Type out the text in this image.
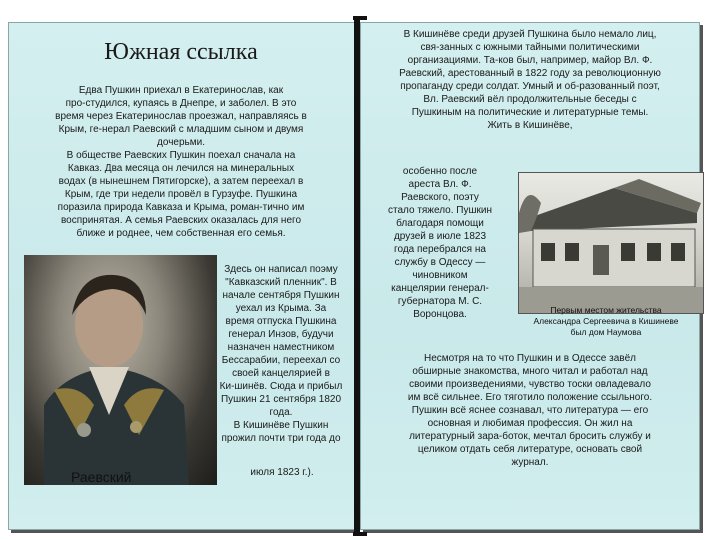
Южная ссылка

Едва Пушкин приехал в Екатеринослав, как

про-студился, купаясь в Днепре, и заболел. В это

время через Екатеринослав проезжал, направляясь в

Крым, ге-нерал Раевский с младшим сыном и двумя

дочерьми.

В обществе Раевских Пушкин поехал сначала на

Кавказ. Два месяца он лечился на минеральных

водах (в нынешнем Пятигорске), а затем переехал в

Крым, где три недели провёл в Гурзуфе. Пушкина

поразила природа Кавказа и Крыма, роман-тично им

воспринятая. А семья Раевских оказалась для него

ближе и роднее, чем собственная его семья.

Раевский

Здесь он написал поэму

"Кавказский пленник". В

начале сентября Пушкин

уехал из Крыма. За

время отпуска Пушкина

генерал Инзов, будучи

назначен наместником

Бессарабии, переехал со

своей канцелярией в

Ки-шинёв. Сюда и прибыл

Пушкин 21 сентября 1820

года.

В Кишинёве Пушкин

прожил почти три года до

июля 1823 г.).

В Кишинёве среди друзей Пушкина было немало лиц,

свя-занных с южными тайными политическими

организациями. Та-ков был, например, майор Вл. Ф.

Раевский, арестованный в 1822 году за революционную

пропаганду среди солдат. Умный и об-разованный поэт,

Вл. Раевский вёл продолжительные беседы с

Пушкиным на политические и литературные темы.

Жить в Кишинёве,

особенно после

ареста Вл. Ф.

Раевского, поэту

стало тяжело. Пушкин

благодаря помощи

друзей в июле 1823

года перебрался на

службу в Одессу —

чиновником

канцелярии генерал-

губернатора М. С.

Воронцова.	Первым местом жительства
Александра Сергеевича в Кишиневе
был дом Наумова

Несмотря на то что Пушкин и в Одессе завёл

обширные знакомства, много читал и работал над

своими произведениями, чувство тоски овладевало

им всё сильнее. Его тяготило положение ссыльного.

Пушкин всё яснее сознавал, что литература — его

основная и любимая профессия. Он жил на

литературный зара-боток, мечтал бросить службу и

целиком отдать себя литературе, основать свой

журнал.
